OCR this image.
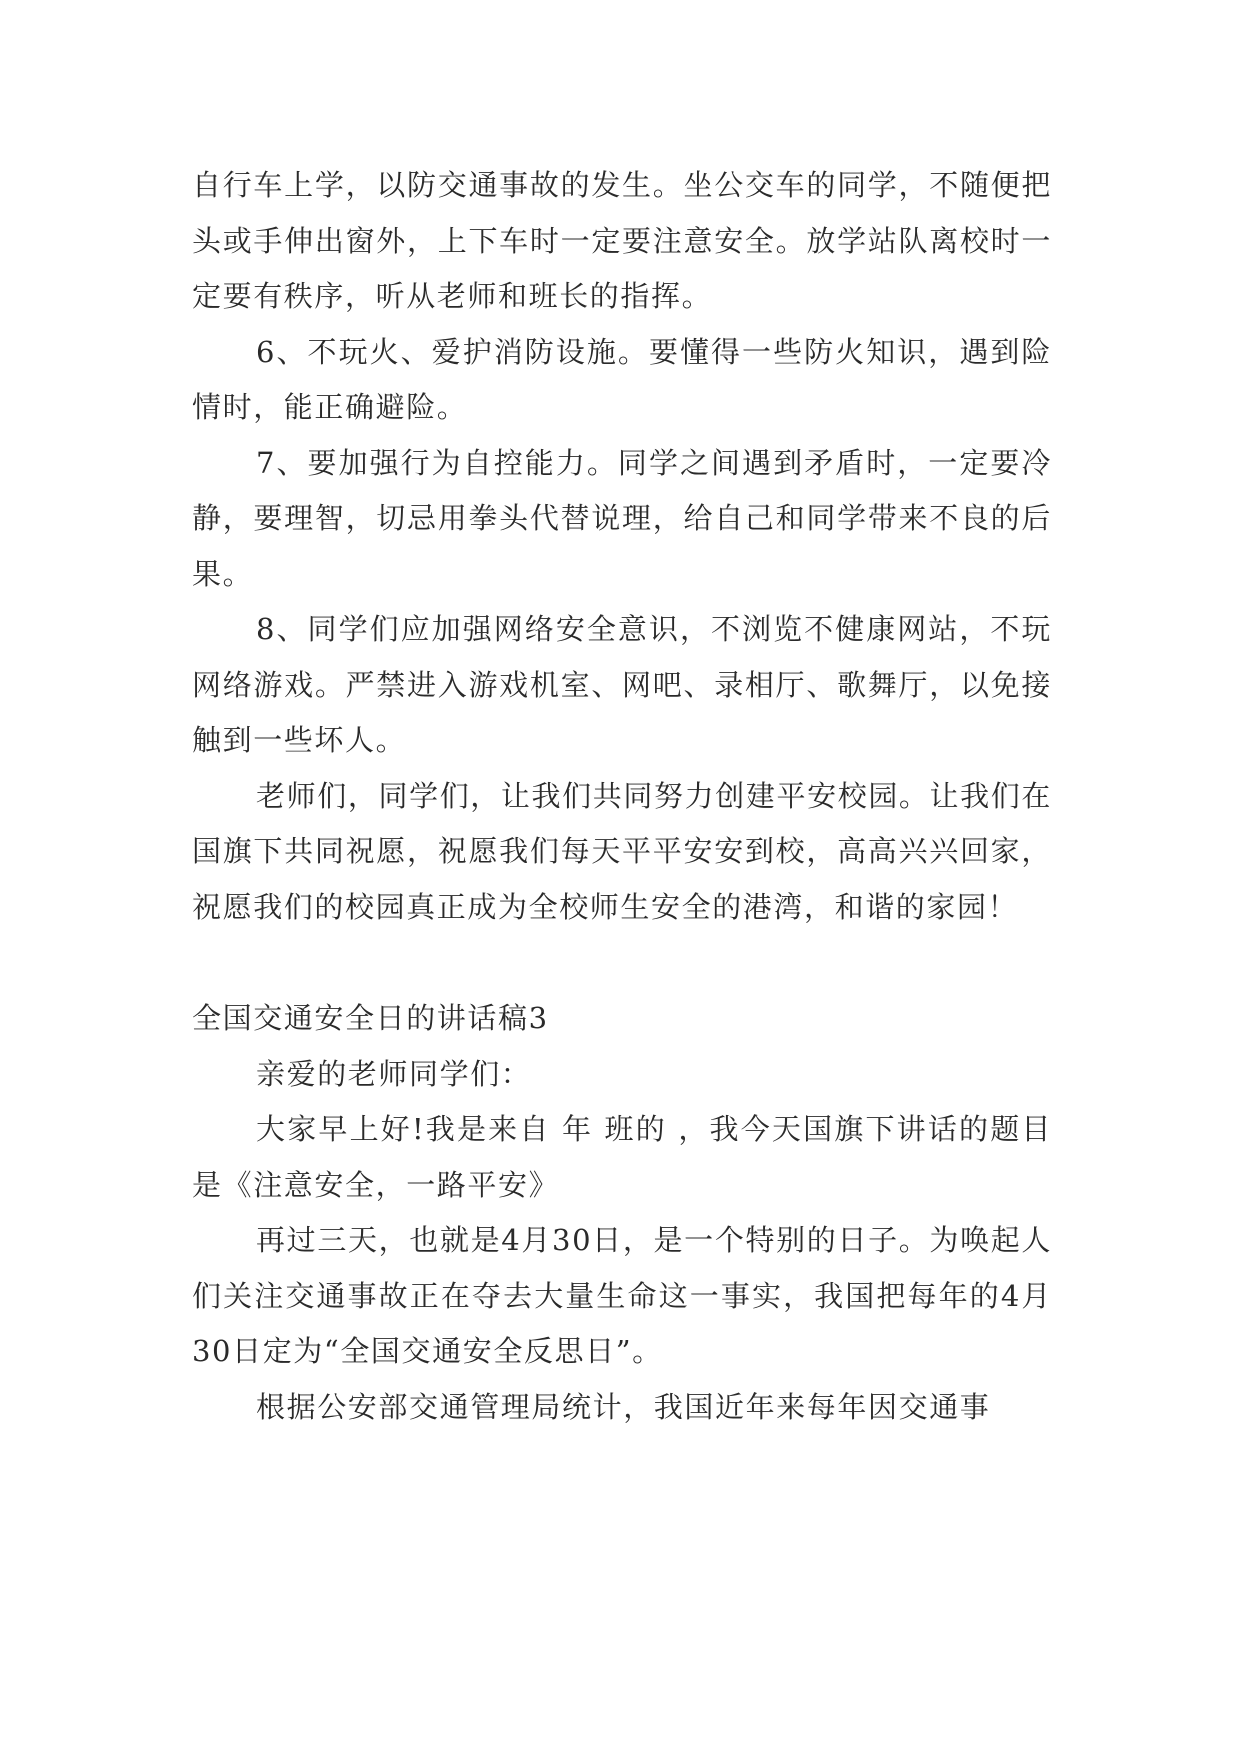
自行车上学，以防交通事故的发生。坐公交车的同学，不随便把头或手伸出窗外，上下车时一定要注意安全。放学站队离校时一定要有秩序，听从老师和班长的指挥。

6、不玩火、爱护消防设施。要懂得一些防火知识，遇到险情时，能正确避险。

7、要加强行为自控能力。同学之间遇到矛盾时，一定要冷静，要理智，切忌用拳头代替说理，给自己和同学带来不良的后果。

8、同学们应加强网络安全意识，不浏览不健康网站，不玩网络游戏。严禁进入游戏机室、网吧、录相厅、歌舞厅，以免接触到一些坏人。

老师们，同学们，让我们共同努力创建平安校园。让我们在国旗下共同祝愿，祝愿我们每天平平安安到校，高高兴兴回家，祝愿我们的校园真正成为全校师生安全的港湾，和谐的家园！

全国交通安全日的讲话稿3

亲爱的老师同学们：

大家早上好!我是来自 年 班的 ，我今天国旗下讲话的题目是《注意安全，一路平安》

再过三天，也就是4月30日，是一个特别的日子。为唤起人们关注交通事故正在夺去大量生命这一事实，我国把每年的4月30日定为“全国交通安全反思日”。

根据公安部交通管理局统计，我国近年来每年因交通事
